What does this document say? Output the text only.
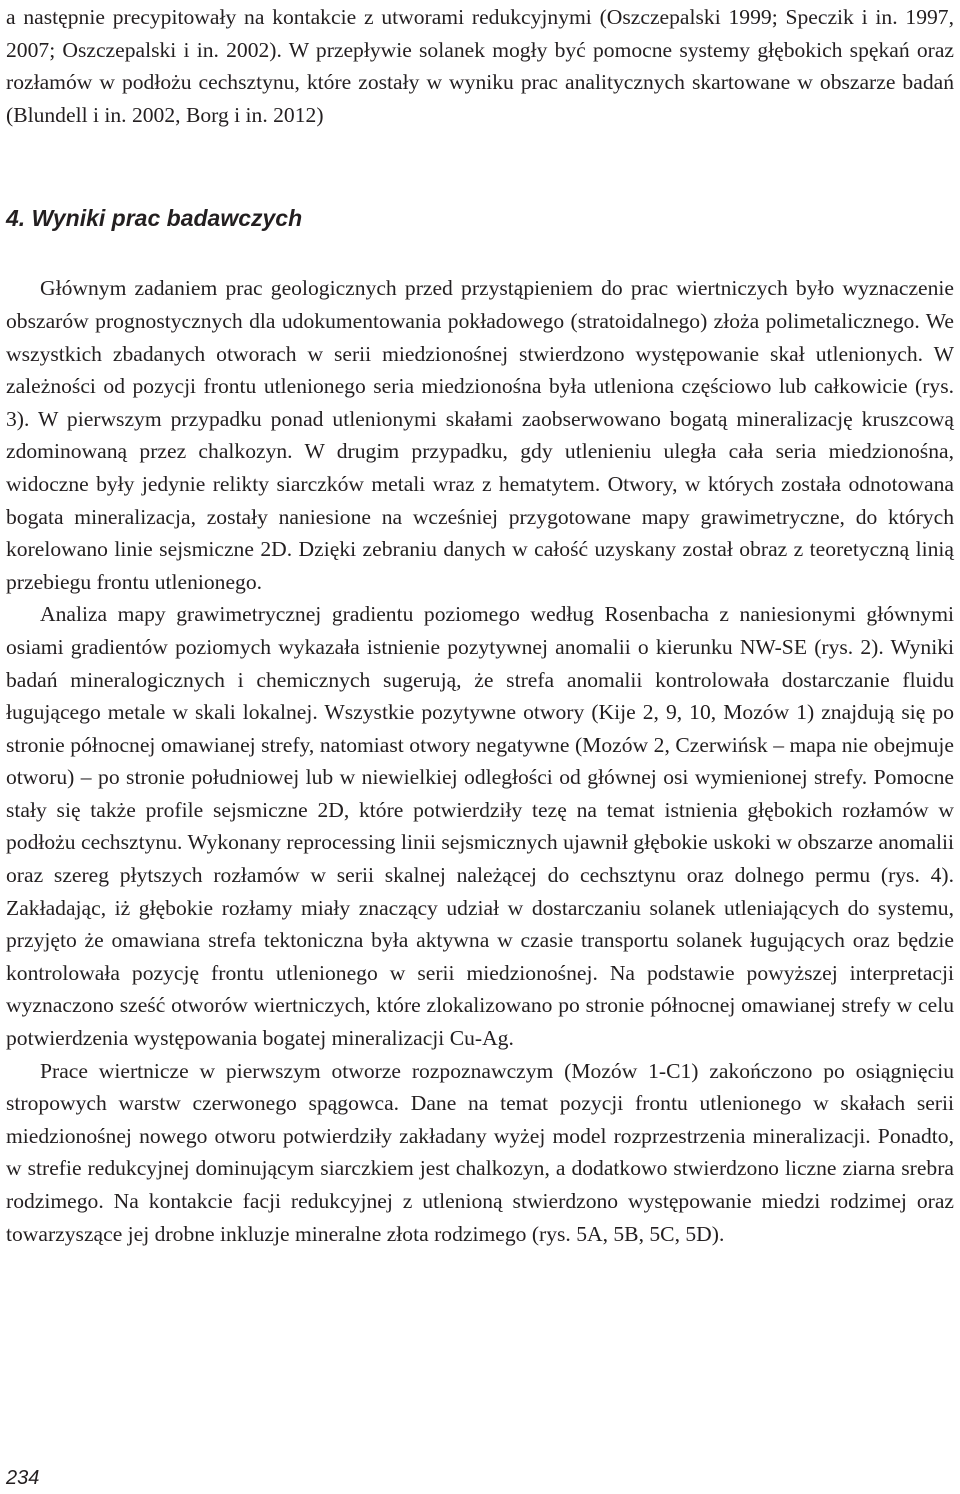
a następnie precypitowały na kontakcie z utworami redukcyjnymi (Oszczepalski 1999; Speczik i in. 1997, 2007; Oszczepalski i in. 2002). W przepływie solanek mogły być pomocne systemy głębokich spękań oraz rozłamów w podłożu cechsztynu, które zostały w wyniku prac analitycznych skartowane w obszarze badań (Blundell i in. 2002, Borg i in. 2012)

4. Wyniki prac badawczych

Głównym zadaniem prac geologicznych przed przystąpieniem do prac wiertniczych było wyznaczenie obszarów prognostycznych dla udokumentowania pokładowego (stratoidalnego) złoża polimetalicznego. We wszystkich zbadanych otworach w serii miedzionośnej stwierdzono występowanie skał utlenionych. W zależności od pozycji frontu utlenionego seria miedzionośna była utleniona częściowo lub całkowicie (rys. 3). W pierwszym przypadku ponad utlenionymi skałami zaobserwowano bogatą mineralizację kruszcową zdominowaną przez chalkozyn. W drugim przypadku, gdy utlenieniu uległa cała seria miedzionośna, widoczne były jedynie relikty siarczków metali wraz z hematytem. Otwory, w których została odnotowana bogata mineralizacja, zostały naniesione na wcześniej przygotowane mapy grawimetryczne, do których korelowano linie sejsmiczne 2D. Dzięki zebraniu danych w całość uzyskany został obraz z teoretyczną linią przebiegu frontu utlenionego.

Analiza mapy grawimetrycznej gradientu poziomego według Rosenbacha z naniesionymi głównymi osiami gradientów poziomych wykazała istnienie pozytywnej anomalii o kierunku NW-SE (rys. 2). Wyniki badań mineralogicznych i chemicznych sugerują, że strefa anomalii kontrolowała dostarczanie fluidu ługującego metale w skali lokalnej. Wszystkie pozytywne otwory (Kije 2, 9, 10, Mozów 1) znajdują się po stronie północnej omawianej strefy, natomiast otwory negatywne (Mozów 2, Czerwińsk – mapa nie obejmuje otworu) – po stronie południowej lub w niewielkiej odległości od głównej osi wymienionej strefy. Pomocne stały się także profile sejsmiczne 2D, które potwierdziły tezę na temat istnienia głębokich rozłamów w podłożu cechsztynu. Wykonany reprocessing linii sejsmicznych ujawnił głębokie uskoki w obszarze anomalii oraz szereg płytszych rozłamów w serii skalnej należącej do cechsztynu oraz dolnego permu (rys. 4). Zakładając, iż głębokie rozłamy miały znaczący udział w dostarczaniu solanek utleniających do systemu, przyjęto że omawiana strefa tektoniczna była aktywna w czasie transportu solanek ługujących oraz będzie kontrolowała pozycję frontu utlenionego w serii miedzionośnej. Na podstawie powyższej interpretacji wyznaczono sześć otworów wiertniczych, które zlokalizowano po stronie północnej omawianej strefy w celu potwierdzenia występowania bogatej mineralizacji Cu-Ag.

Prace wiertnicze w pierwszym otworze rozpoznawczym (Mozów 1-C1) zakończono po osiągnięciu stropowych warstw czerwonego spągowca. Dane na temat pozycji frontu utlenionego w skałach serii miedzionośnej nowego otworu potwierdziły zakładany wyżej model rozprzestrzenia mineralizacji. Ponadto, w strefie redukcyjnej dominującym siarczkiem jest chalkozyn, a dodatkowo stwierdzono liczne ziarna srebra rodzimego. Na kontakcie facji redukcyjnej z utlenioną stwierdzono występowanie miedzi rodzimej oraz towarzyszące jej drobne inkluzje mineralne złota rodzimego (rys. 5A, 5B, 5C, 5D).

234
